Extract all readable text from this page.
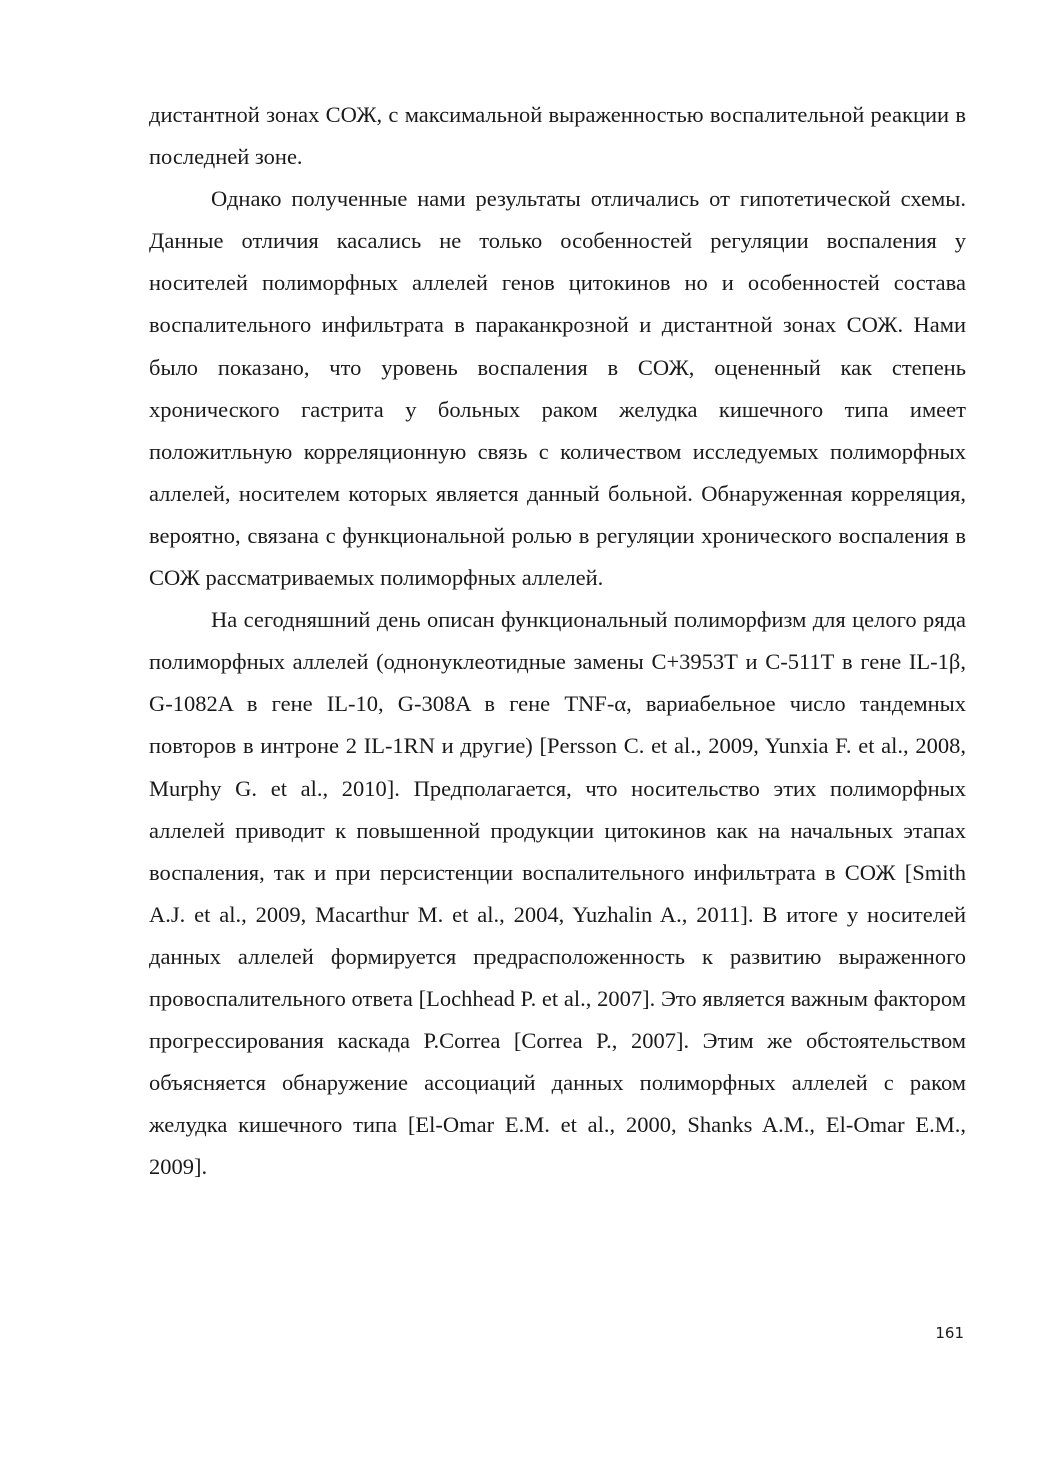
дистантной зонах СОЖ, с максимальной выраженностью воспалительной реакции в последней зоне.

Однако полученные нами результаты отличались от гипотетической схемы. Данные отличия касались не только особенностей регуляции воспаления у носителей полиморфных аллелей генов цитокинов но и особенностей состава воспалительного инфильтрата в параканкрозной и дистантной зонах СОЖ. Нами было показано, что уровень воспаления в СОЖ, оцененный как степень хронического гастрита у больных раком желудка кишечного типа имеет положитльную корреляционную связь с количеством исследуемых полиморфных аллелей, носителем которых является данный больной. Обнаруженная корреляция, вероятно, связана с функциональной ролью в регуляции хронического воспаления в СОЖ рассматриваемых полиморфных аллелей.

На сегодняшний день описан функциональный полиморфизм для целого ряда полиморфных аллелей (однонуклеотидные замены С+3953Т и С-511Т в гене IL-1β, G-1082A в гене IL-10, G-308A в гене TNF-α, вариабельное число тандемных повторов в интроне 2 IL-1RN и другие) [Persson C. et al., 2009, Yunxia F. et al., 2008, Murphy G. et al., 2010]. Предполагается, что носительство этих полиморфных аллелей приводит к повышенной продукции цитокинов как на начальных этапах воспаления, так и при персистенции воспалительного инфильтрата в СОЖ [Smith A.J. et al., 2009, Macarthur M. et al., 2004, Yuzhalin A., 2011]. В итоге у носителей данных аллелей формируется предрасположенность к развитию выраженного провоспалительного ответа [Lochhead P. et al., 2007]. Это является важным фактором прогрессирования каскада P.Correa [Correa P., 2007]. Этим же обстоятельством объясняется обнаружение ассоциаций данных полиморфных аллелей с раком желудка кишечного типа [El-Omar E.M. et al., 2000, Shanks A.M., El-Omar E.M., 2009].

161
